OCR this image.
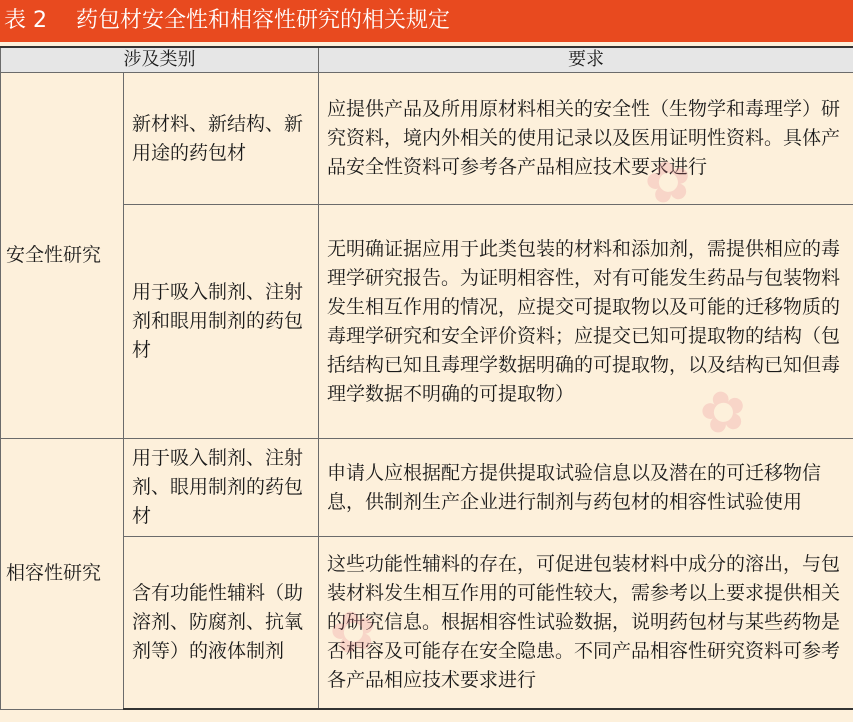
表 2 药包材安全性和相容性研究的相关规定
涉及类别		要求
安全性研究	新材料、新结构、新用途的药包材	应提供产品及所用原材料相关的安全性（生物学和毒理学）研究资料，境内外相关的使用记录以及医用证明性资料。具体产品安全性资料可参考各产品相应技术要求进行
	用于吸入制剂、注射剂和眼用制剂的药包材	无明确证据应用于此类包装的材料和添加剂，需提供相应的毒理学研究报告。为证明相容性，对有可能发生药品与包装物料发生相互作用的情况，应提交可提取物以及可能的迁移物质的毒理学研究和安全评价资料；应提交已知可提取物的结构（包括结构已知且毒理学数据明确的可提取物，以及结构已知但毒理学数据不明确的可提取物）
相容性研究	用于吸入制剂、注射剂、眼用制剂的药包材	申请人应根据配方提供提取试验信息以及潜在的可迁移物信息，供制剂生产企业进行制剂与药包材的相容性试验使用
	含有功能性辅料（助溶剂、防腐剂、抗氧剂等）的液体制剂	这些功能性辅料的存在，可促进包装材料中成分的溶出，与包装材料发生相互作用的可能性较大，需参考以上要求提供相关的研究信息。根据相容性试验数据，说明药包材与某些药物是否相容及可能存在安全隐患。不同产品相容性研究资料可参考各产品相应技术要求进行
✿
✿
✿
